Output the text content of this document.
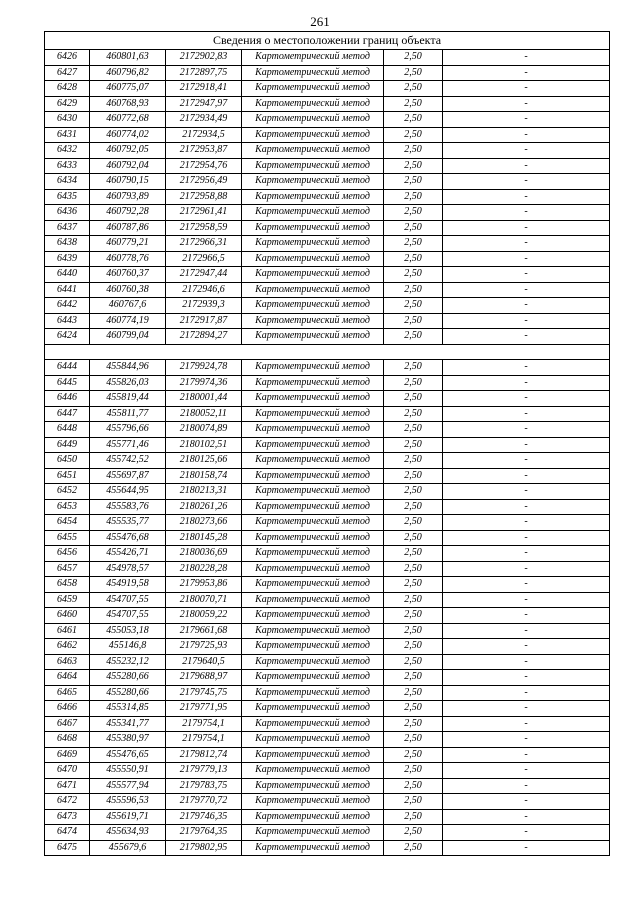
261
Сведения о местоположении границ объекта					
6426	460801,63	2172902,83	Картометрический метод	2,50	-
6427	460796,82	2172897,75	Картометрический метод	2,50	-
6428	460775,07	2172918,41	Картометрический метод	2,50	-
6429	460768,93	2172947,97	Картометрический метод	2,50	-
6430	460772,68	2172934,49	Картометрический метод	2,50	-
6431	460774,02	2172934,5	Картометрический метод	2,50	-
6432	460792,05	2172953,87	Картометрический метод	2,50	-
6433	460792,04	2172954,76	Картометрический метод	2,50	-
6434	460790,15	2172956,49	Картометрический метод	2,50	-
6435	460793,89	2172958,88	Картометрический метод	2,50	-
6436	460792,28	2172961,41	Картометрический метод	2,50	-
6437	460787,86	2172958,59	Картометрический метод	2,50	-
6438	460779,21	2172966,31	Картометрический метод	2,50	-
6439	460778,76	2172966,5	Картометрический метод	2,50	-
6440	460760,37	2172947,44	Картометрический метод	2,50	-
6441	460760,38	2172946,6	Картометрический метод	2,50	-
6442	460767,6	2172939,3	Картометрический метод	2,50	-
6443	460774,19	2172917,87	Картометрический метод	2,50	-
6424	460799,04	2172894,27	Картометрический метод	2,50	-

6444	455844,96	2179924,78	Картометрический метод	2,50	-
6445	455826,03	2179974,36	Картометрический метод	2,50	-
6446	455819,44	2180001,44	Картометрический метод	2,50	-
6447	455811,77	2180052,11	Картометрический метод	2,50	-
6448	455796,66	2180074,89	Картометрический метод	2,50	-
6449	455771,46	2180102,51	Картометрический метод	2,50	-
6450	455742,52	2180125,66	Картометрический метод	2,50	-
6451	455697,87	2180158,74	Картометрический метод	2,50	-
6452	455644,95	2180213,31	Картометрический метод	2,50	-
6453	455583,76	2180261,26	Картометрический метод	2,50	-
6454	455535,77	2180273,66	Картометрический метод	2,50	-
6455	455476,68	2180145,28	Картометрический метод	2,50	-
6456	455426,71	2180036,69	Картометрический метод	2,50	-
6457	454978,57	2180228,28	Картометрический метод	2,50	-
6458	454919,58	2179953,86	Картометрический метод	2,50	-
6459	454707,55	2180070,71	Картометрический метод	2,50	-
6460	454707,55	2180059,22	Картометрический метод	2,50	-
6461	455053,18	2179661,68	Картометрический метод	2,50	-
6462	455146,8	2179725,93	Картометрический метод	2,50	-
6463	455232,12	2179640,5	Картометрический метод	2,50	-
6464	455280,66	2179688,97	Картометрический метод	2,50	-
6465	455280,66	2179745,75	Картометрический метод	2,50	-
6466	455314,85	2179771,95	Картометрический метод	2,50	-
6467	455341,77	2179754,1	Картометрический метод	2,50	-
6468	455380,97	2179754,1	Картометрический метод	2,50	-
6469	455476,65	2179812,74	Картометрический метод	2,50	-
6470	455550,91	2179779,13	Картометрический метод	2,50	-
6471	455577,94	2179783,75	Картометрический метод	2,50	-
6472	455596,53	2179770,72	Картометрический метод	2,50	-
6473	455619,71	2179746,35	Картометрический метод	2,50	-
6474	455634,93	2179764,35	Картометрический метод	2,50	-
6475	455679,6	2179802,95	Картометрический метод	2,50	-
